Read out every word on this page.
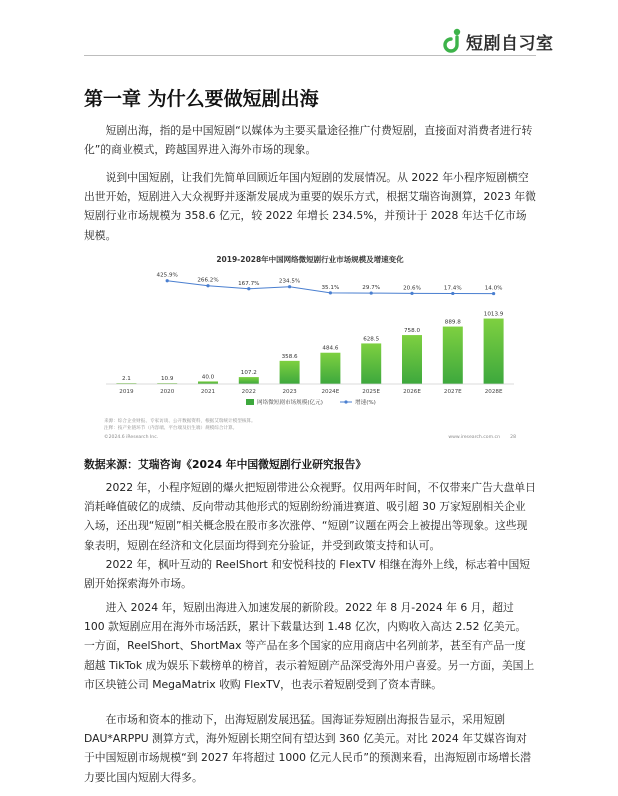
短剧自习室
第一章 为什么要做短剧出海

短剧出海，指的是中国短剧“以媒体为主要买量途径推广付费短剧，直接面对消费者进行转化”的商业模式，跨越国界进入海外市场的现象。

说到中国短剧，让我们先简单回顾近年国内短剧的发展情况。从 2022 年小程序短剧横空出世开始，短剧进入大众视野并逐渐发展成为重要的娱乐方式，根据艾瑞咨询测算，2023 年微短剧行业市场规模为 358.6 亿元，较 2022 年增长 234.5%，并预计于 2028 年达千亿市场规模。

2019-2028年中国网络微短剧行业市场规模及增速变化
2.1	10.9	40.0
107.2
358.6
484.6
628.5
758.0
889.8
1013.9
425.9%
266.2%
167.7%	234.5%
35.1%	29.7%	20.6%	17.4%	14.0%
2019	2020	2021	2022	2023	2024E	2025E	2026E	2027E	2028E
网络微短剧市场规模(亿元)	增速(%)
来源：综合企业财报、专家访谈、公开数据资料，根据艾瑞统计模型核算。
注释：按产业链环节（内容端、平台端及衍生端）规模综合计算。
©2024.6 iResearch Inc.	www.iresearch.com.cn 28

数据来源：艾瑞咨询《2024 年中国微短剧行业研究报告》

2022 年，小程序短剧的爆火把短剧带进公众视野。仅用两年时间，不仅带来广告大盘单日消耗峰值破亿的成绩、反向带动其他形式的短剧纷纷涌进赛道、吸引超 30 万家短剧相关企业入场，还出现“短剧”相关概念股在股市多次涨停、“短剧”议题在两会上被提出等现象。这些现象表明，短剧在经济和文化层面均得到充分验证，并受到政策支持和认可。

2022 年，枫叶互动的 ReelShort 和安悦科技的 FlexTV 相继在海外上线，标志着中国短剧开始探索海外市场。

进入 2024 年，短剧出海进入加速发展的新阶段。2022 年 8 月-2024 年 6 月，超过 100 款短剧应用在海外市场活跃，累计下载量达到 1.48 亿次，内购收入高达 2.52 亿美元。一方面，ReelShort、ShortMax 等产品在多个国家的应用商店中名列前茅，甚至有产品一度超越 TikTok 成为娱乐下载榜单的榜首，表示着短剧产品深受海外用户喜爱。另一方面，美国上市区块链公司 MegaMatrix 收购 FlexTV，也表示着短剧受到了资本青睐。

在市场和资本的推动下，出海短剧发展迅猛。国海证券短剧出海报告显示，采用短剧 DAU*ARPPU 测算方式，海外短剧长期空间有望达到 360 亿美元。对比 2024 年艾媒咨询对于中国短剧市场规模“到 2027 年将超过 1000 亿元人民币”的预测来看，出海短剧市场增长潜力要比国内短剧大得多。
